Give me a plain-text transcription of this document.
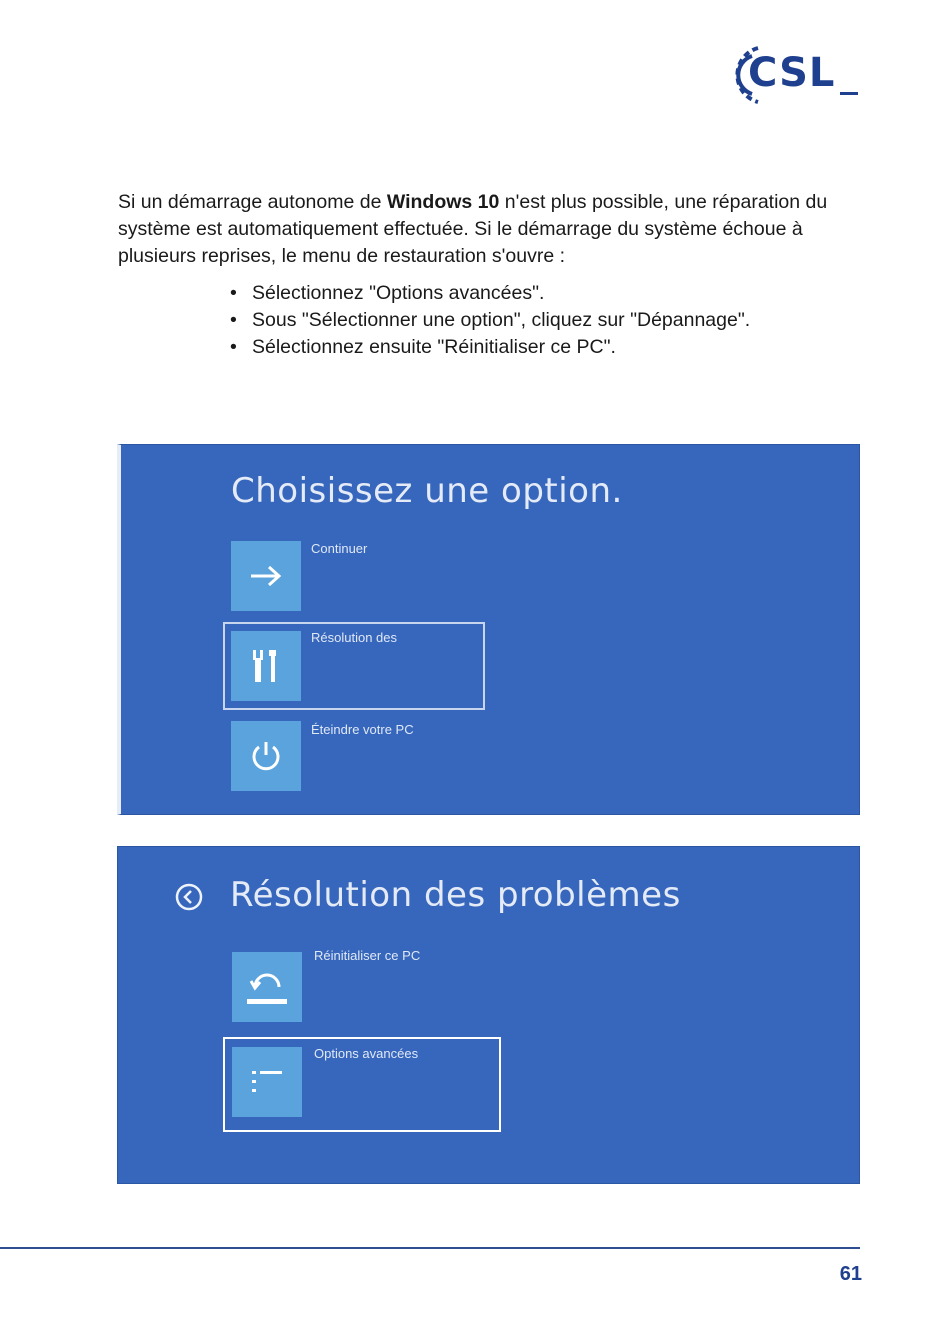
CSL

Si un démarrage autonome de Windows 10 n'est plus possible, une réparation du système est automatiquement effectuée. Si le démarrage du système échoue à plusieurs reprises, le menu de restauration s'ouvre :

• Sélectionnez "Options avancées".
• Sous "Sélectionner une option", cliquez sur "Dépannage".
• Sélectionnez ensuite "Réinitialiser ce PC".
Choisissez une option.
Continuer
Résolution des
Éteindre votre PC
Résolution des problèmes
Réinitialiser ce PC
Options avancées
61
